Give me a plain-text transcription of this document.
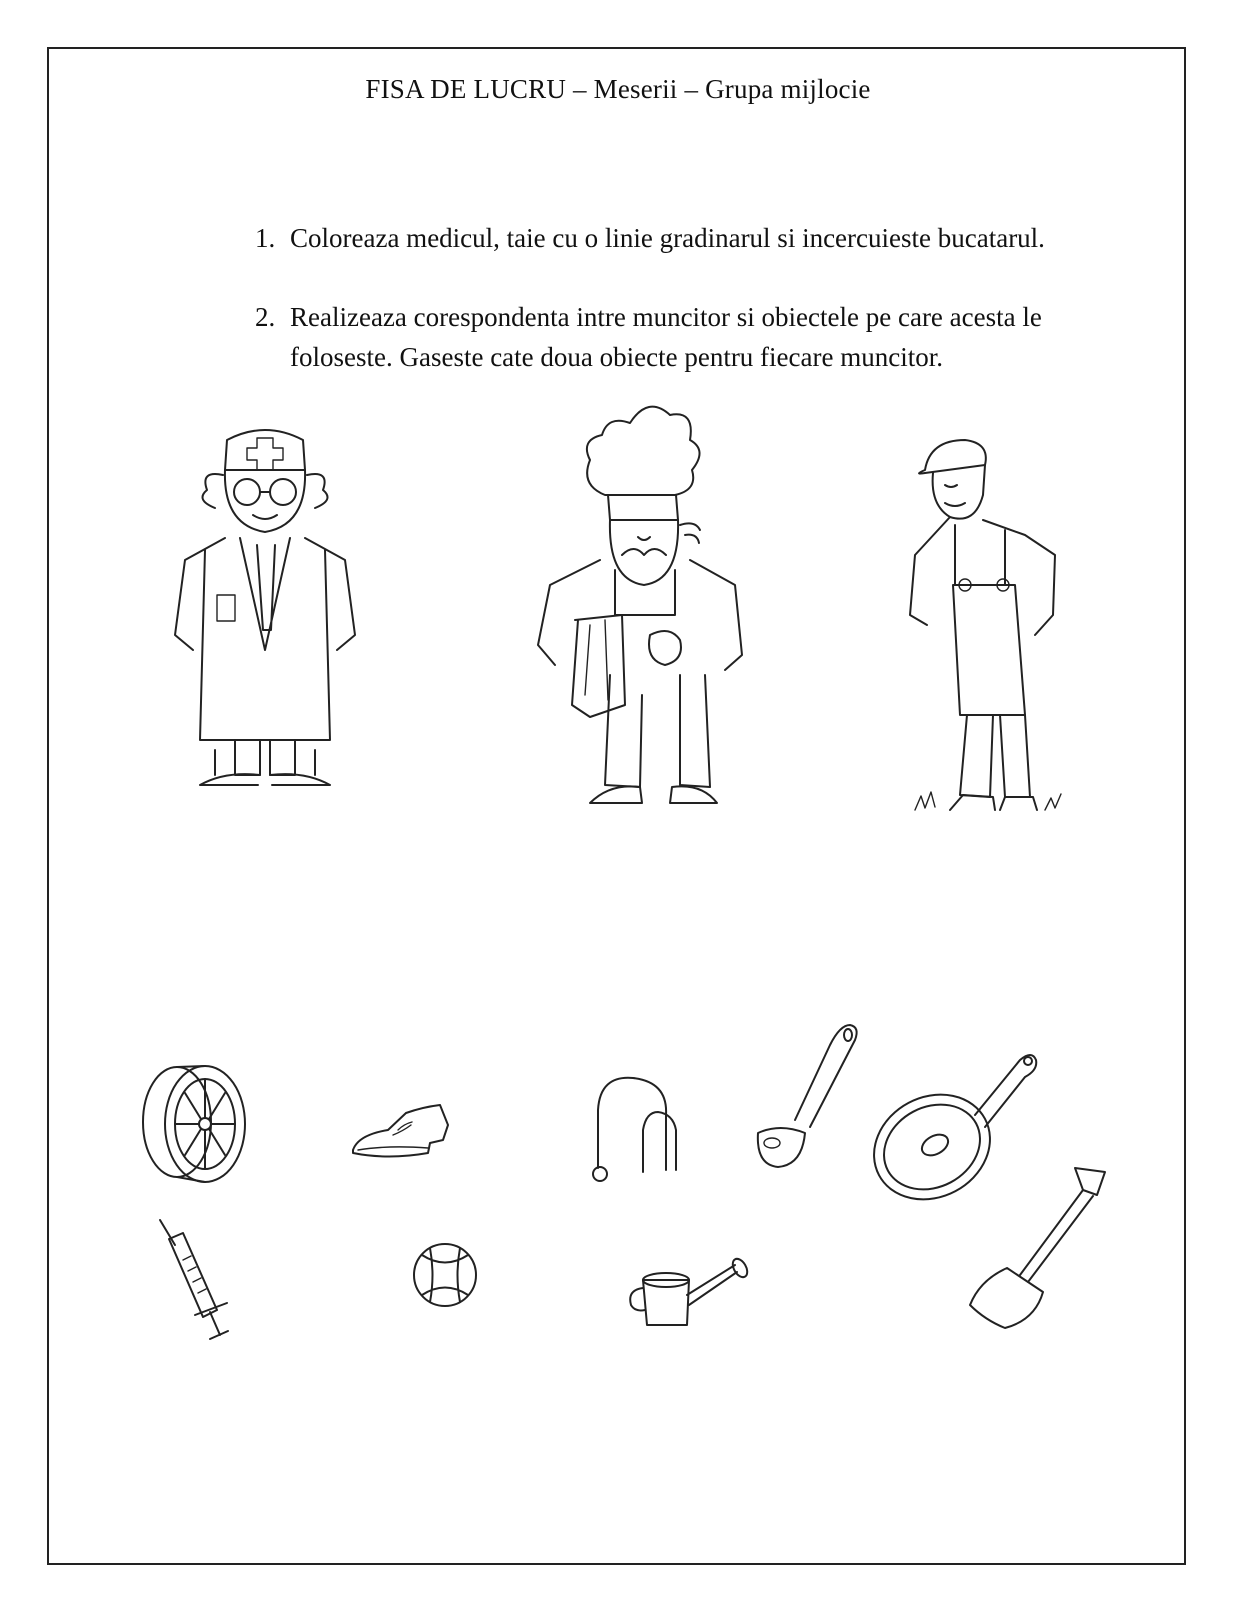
FISA DE LUCRU – Meserii – Grupa mijlocie
1. Coloreaza medicul, taie cu o linie gradinarul si incercuieste bucatarul.
2. Realizeaza corespondenta intre muncitor si obiectele pe care acesta le foloseste. Gaseste cate doua obiecte pentru fiecare muncitor.
